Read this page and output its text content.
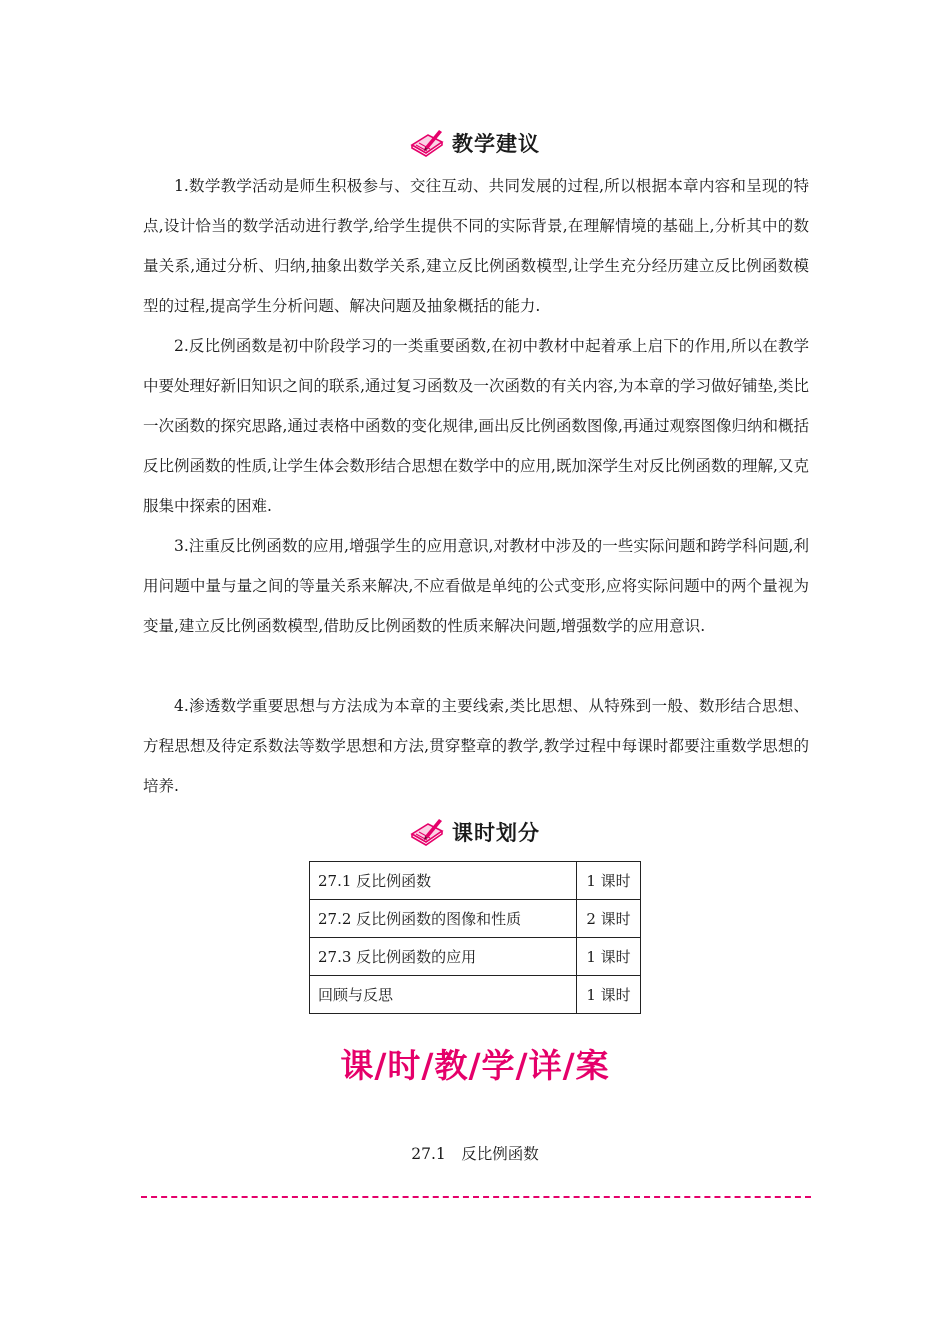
教学建议

1.数学教学活动是师生积极参与、交往互动、共同发展的过程,所以根据本章内容和呈现的特点,设计恰当的数学活动进行教学,给学生提供不同的实际背景,在理解情境的基础上,分析其中的数量关系,通过分析、归纳,抽象出数学关系,建立反比例函数模型,让学生充分经历建立反比例函数模型的过程,提高学生分析问题、解决问题及抽象概括的能力.

2.反比例函数是初中阶段学习的一类重要函数,在初中教材中起着承上启下的作用,所以在教学中要处理好新旧知识之间的联系,通过复习函数及一次函数的有关内容,为本章的学习做好铺垫,类比一次函数的探究思路,通过表格中函数的变化规律,画出反比例函数图像,再通过观察图像归纳和概括反比例函数的性质,让学生体会数形结合思想在数学中的应用,既加深学生对反比例函数的理解,又克服集中探索的困难.

3.注重反比例函数的应用,增强学生的应用意识,对教材中涉及的一些实际问题和跨学科问题,利用问题中量与量之间的等量关系来解决,不应看做是单纯的公式变形,应将实际问题中的两个量视为变量,建立反比例函数模型,借助反比例函数的性质来解决问题,增强数学的应用意识.

4.渗透数学重要思想与方法成为本章的主要线索,类比思想、从特殊到一般、数形结合思想、方程思想及待定系数法等数学思想和方法,贯穿整章的教学,教学过程中每课时都要注重数学思想的培养.

课时划分
27.1 反比例函数	1 课时
27.2 反比例函数的图像和性质	2 课时
27.3 反比例函数的应用	1 课时
回顾与反思	1 课时
课/时/教/学/详/案
27.1　反比例函数
